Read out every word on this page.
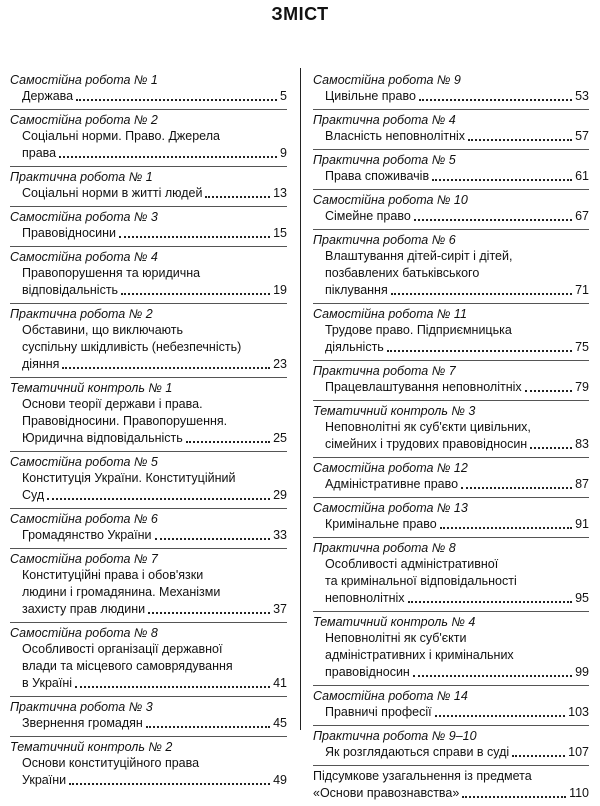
ЗМІСТ
Самостійна робота № 1
Держава	5
Самостійна робота № 2
Соціальні норми. Право. Джерела
права	9
Практична робота № 1
Соціальні норми в житті людей	13
Самостійна робота № 3
Правовідносини	15
Самостійна робота № 4
Правопорушення та юридична
відповідальність	19
Практична робота № 2
Обставини, що виключають
суспільну шкідливість (небезпечність)
діяння	23
Тематичний контроль № 1
Основи теорії держави і права.
Правовідносини. Правопорушення.
Юридична відповідальність	25
Самостійна робота № 5
Конституція України. Конституційний
Суд	29
Самостійна робота № 6
Громадянство України	33
Самостійна робота № 7
Конституційні права і обов'язки
людини і громадянина. Механізми
захисту прав людини	37
Самостійна робота № 8
Особливості організації державної
влади та місцевого самоврядування
в Україні	41
Практична робота № 3
Звернення громадян	45
Тематичний контроль № 2
Основи конституційного права
України	49
Самостійна робота № 9
Цивільне право	53
Практична робота № 4
Власність неповнолітніх	57
Практична робота № 5
Права споживачів	61
Самостійна робота № 10
Сімейне право	67
Практична робота № 6
Влаштування дітей-сиріт і дітей,
позбавлених батьківського
піклування	71
Самостійна робота № 11
Трудове право. Підприємницька
діяльність	75
Практична робота № 7
Працевлаштування неповнолітніх	79
Тематичний контроль № 3
Неповнолітні як суб'єкти цивільних,
сімейних і трудових правовідносин	83
Самостійна робота № 12
Адміністративне право	87
Самостійна робота № 13
Кримінальне право	91
Практична робота № 8
Особливості адміністративної
та кримінальної відповідальності
неповнолітніх	95
Тематичний контроль № 4
Неповнолітні як суб'єкти
адміністративних і кримінальних
правовідносин	99
Самостійна робота № 14
Правничі професії	103
Практична робота № 9–10
Як розглядаються справи в суді	107
Підсумкове узагальнення із предмета
«Основи правознавства»	110
